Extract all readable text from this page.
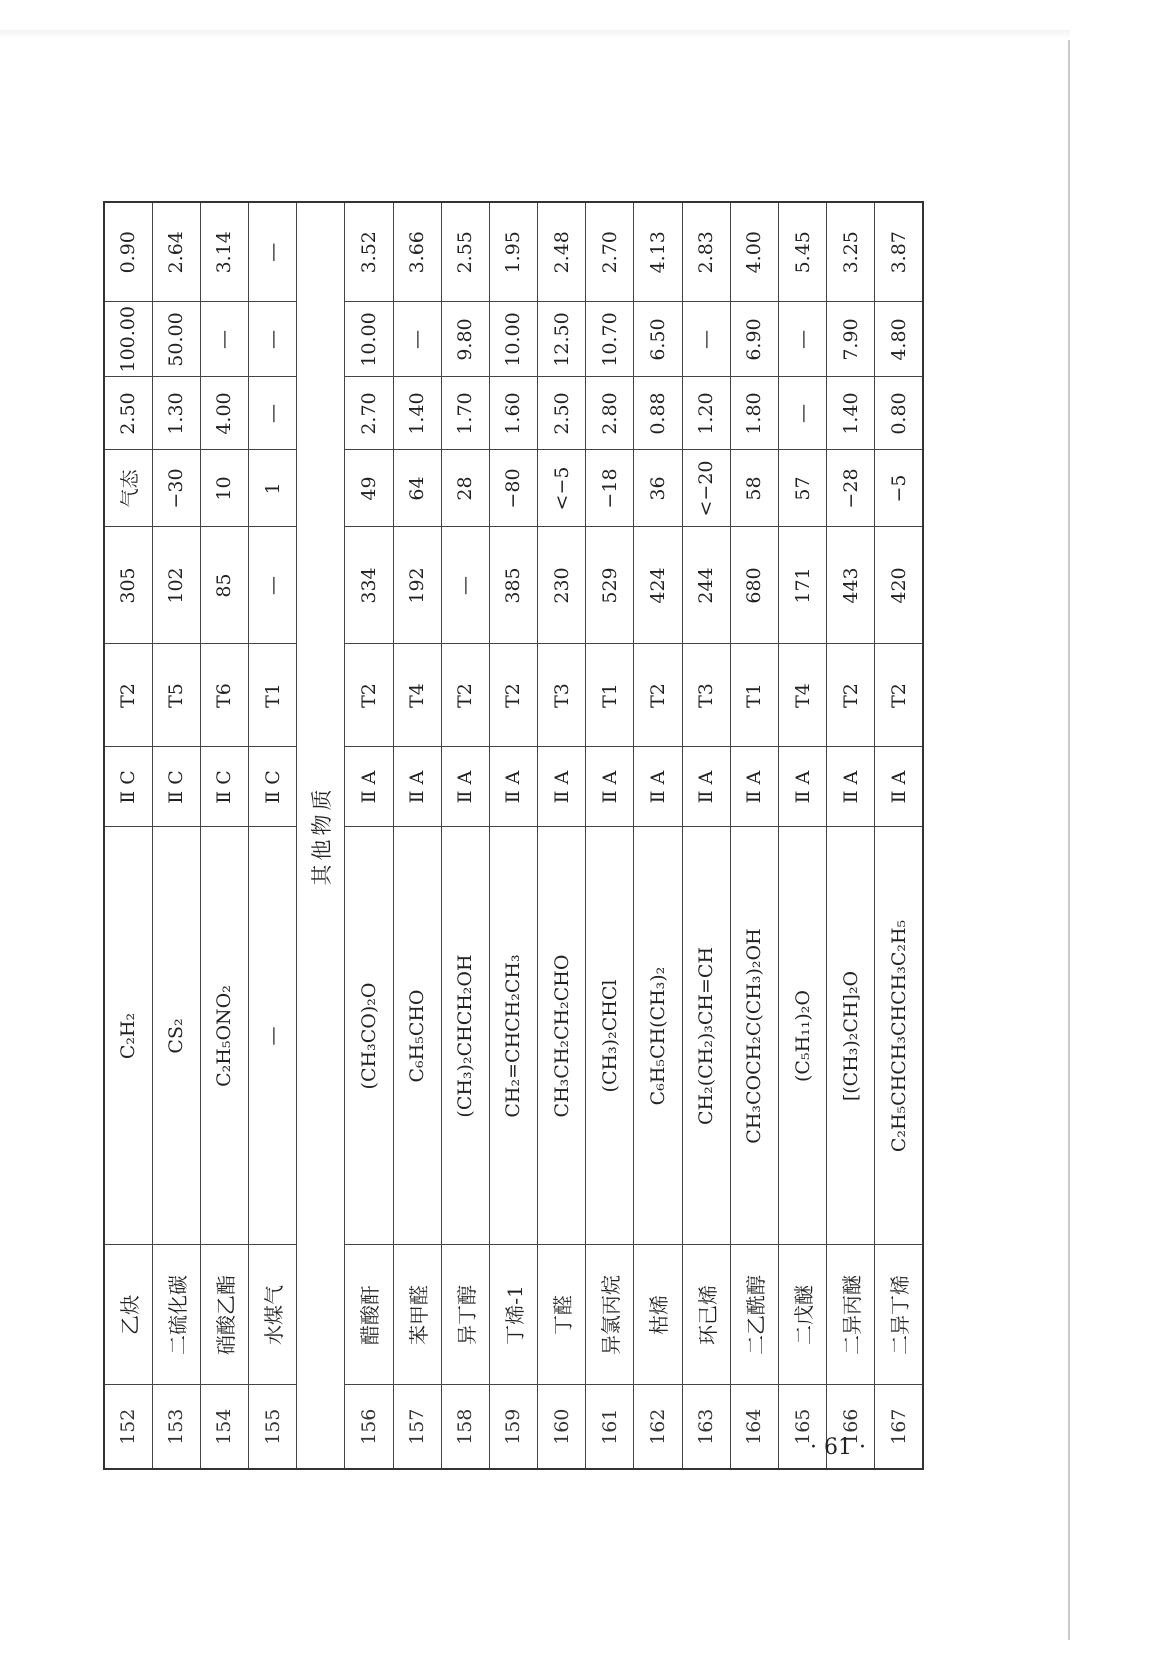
152	乙炔	C₂H₂	Ⅱ C	T2	305	气态	2.50	100.00	0.90
153	二硫化碳	CS₂	Ⅱ C	T5	102	−30	1.30	50.00	2.64
154	硝酸乙酯	C₂H₅ONO₂	Ⅱ C	T6	85	10	4.00	—	3.14
155	水煤气	—	Ⅱ C	T1	—	1	—	—	—
其他物质									
156	醋酸酐	(CH₃CO)₂O	Ⅱ A	T2	334	49	2.70	10.00	3.52
157	苯甲醛	C₆H₅CHO	Ⅱ A	T4	192	64	1.40	—	3.66
158	异丁醇	(CH₃)₂CHCH₂OH	Ⅱ A	T2	—	28	1.70	9.80	2.55
159	丁烯-1	CH₂=CHCH₂CH₃	Ⅱ A	T2	385	−80	1.60	10.00	1.95
160	丁醛	CH₃CH₂CH₂CHO	Ⅱ A	T3	230	<−5	2.50	12.50	2.48
161	异氯丙烷	(CH₃)₂CHCl	Ⅱ A	T1	529	−18	2.80	10.70	2.70
162	枯烯	C₆H₅CH(CH₃)₂	Ⅱ A	T2	424	36	0.88	6.50	4.13
163	环己烯	CH₂(CH₂)₃CH=CH	Ⅱ A	T3	244	<−20	1.20	—	2.83
164	二乙酰醇	CH₃COCH₂C(CH₃)₂OH	Ⅱ A	T1	680	58	1.80	6.90	4.00
165	二戊醚	(C₅H₁₁)₂O	Ⅱ A	T4	171	57	—	—	5.45
166	二异丙醚	[(CH₃)₂CH]₂O	Ⅱ A	T2	443	−28	1.40	7.90	3.25
167	二异丁烯	C₂H₅CHCH₃CHCH₃C₂H₅	Ⅱ A	T2	420	−5	0.80	4.80	3.87
· 61 ·
